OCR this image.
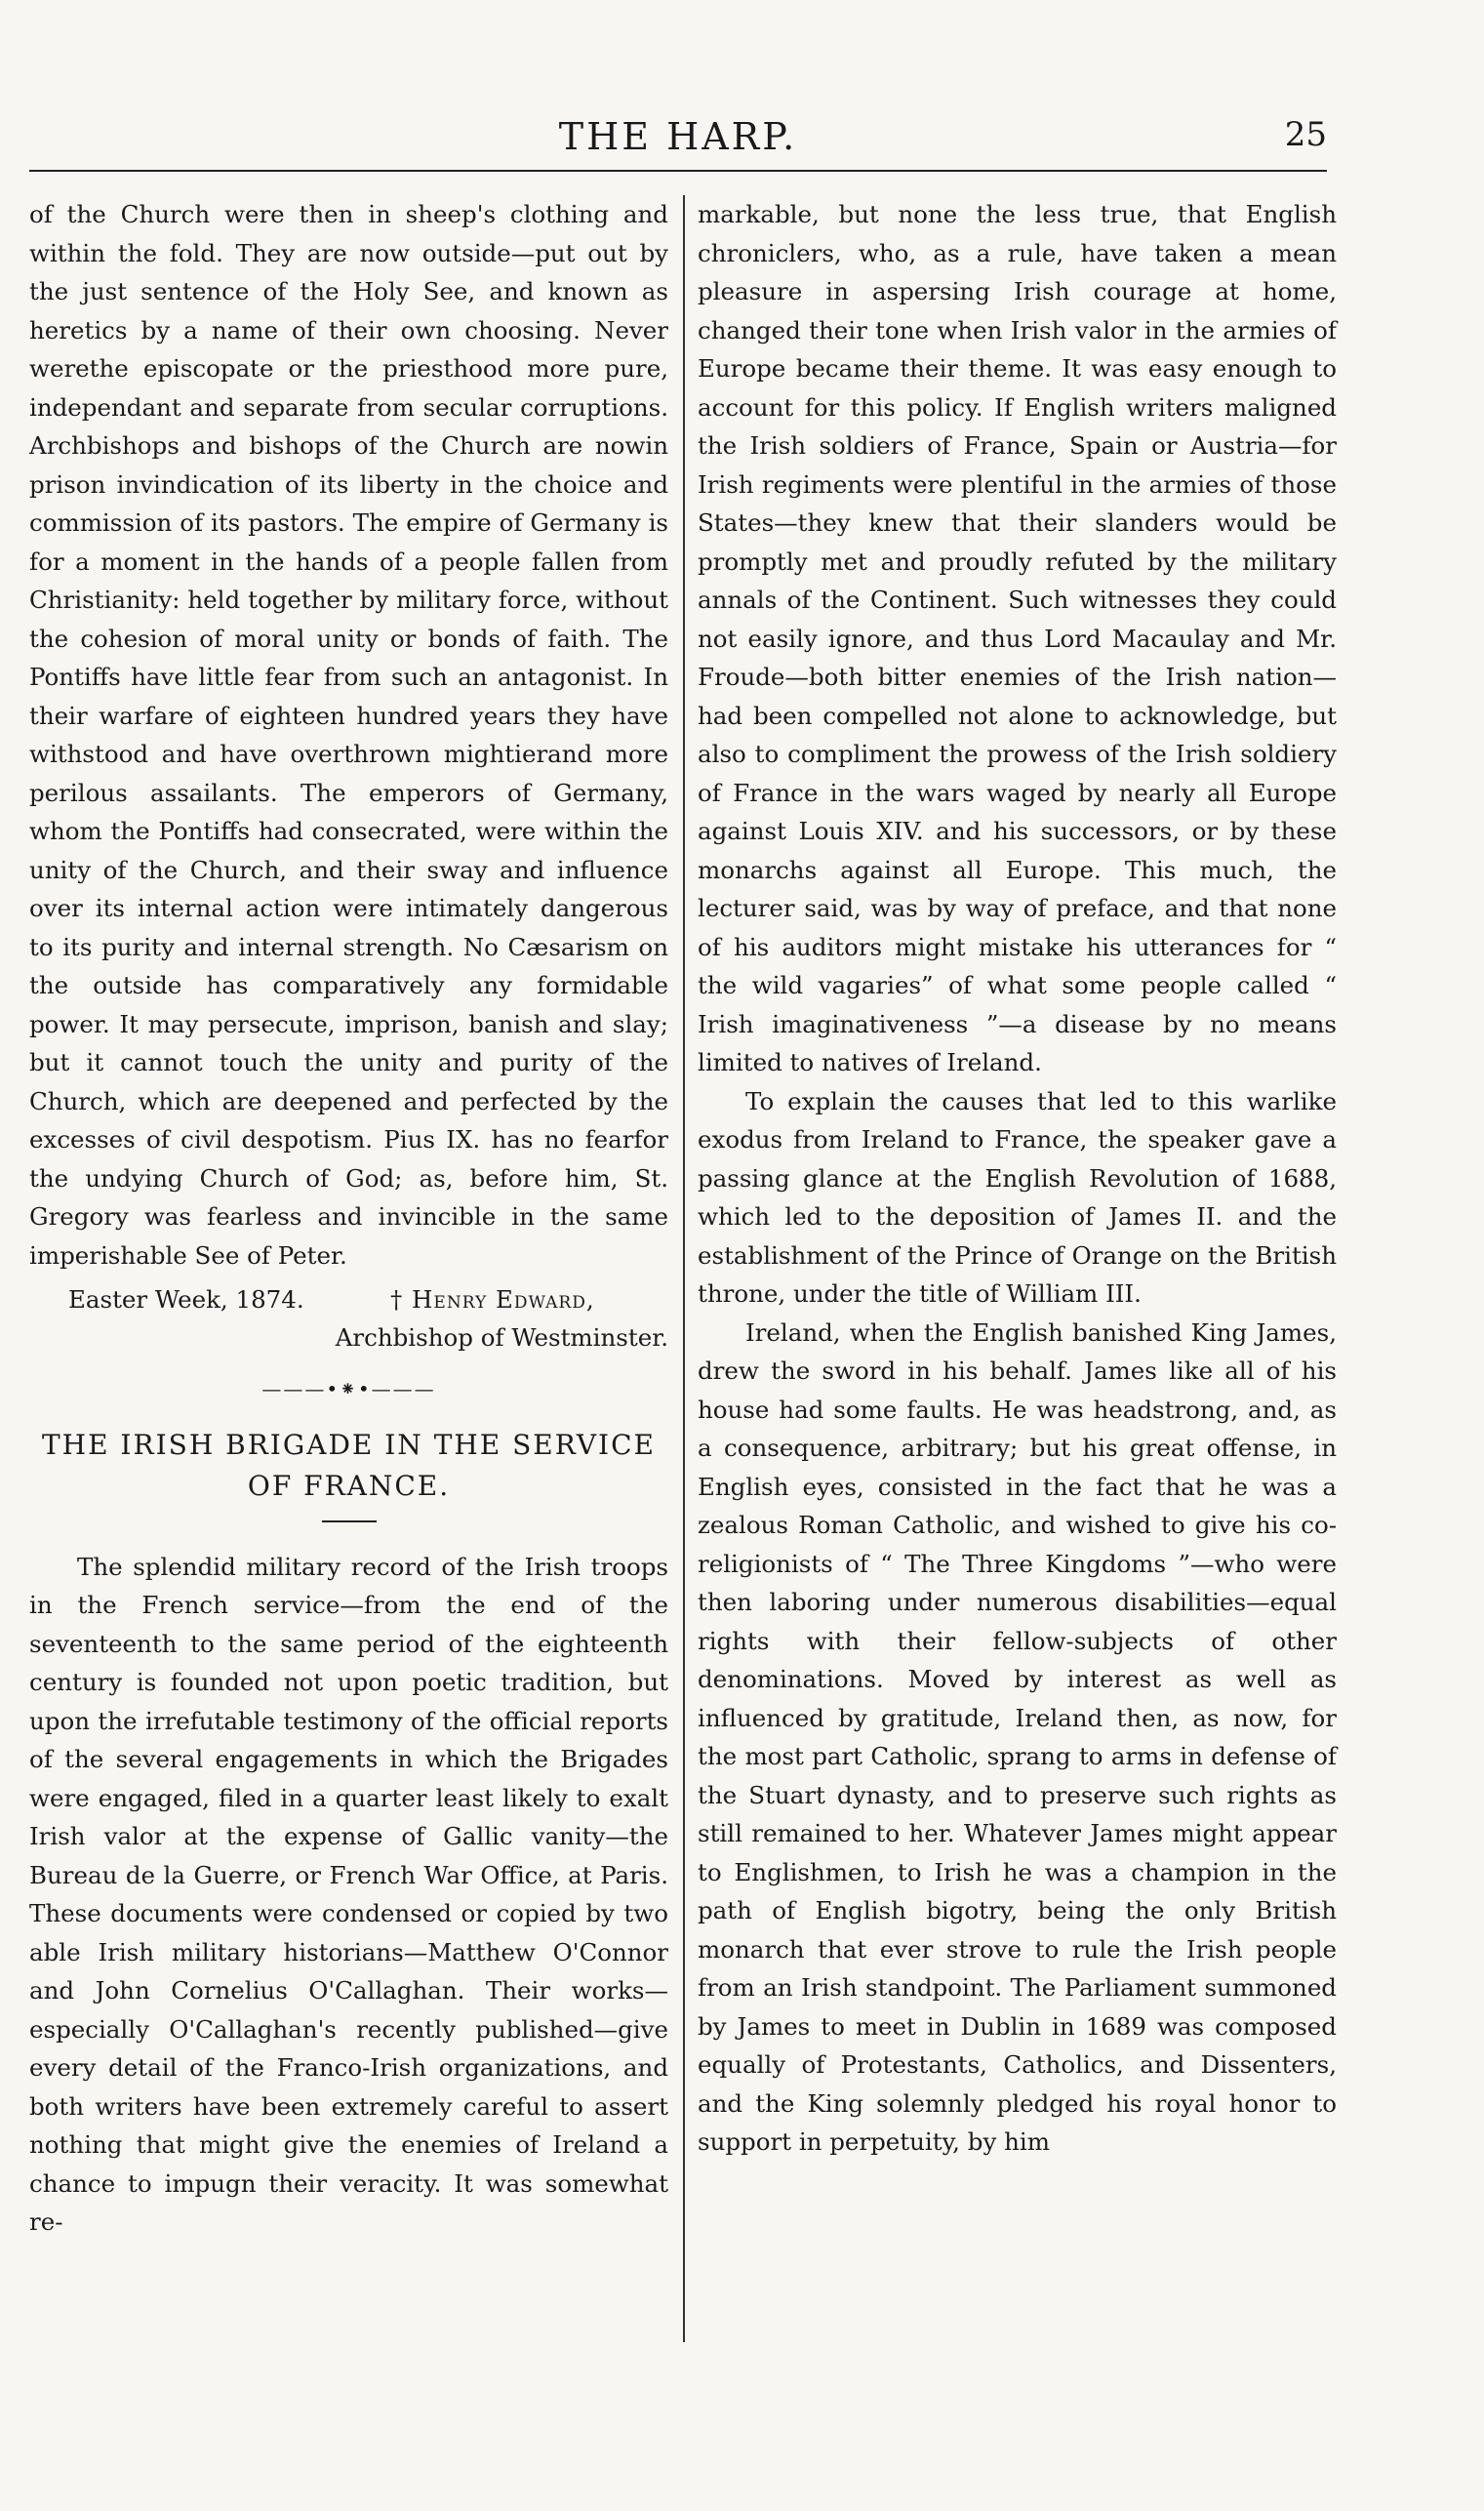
THE HARP.	25

of the Church were then in sheep's clothing and within the fold. They are now outside—put out by the just sentence of the Holy See, and known as heretics by a name of their own choosing. Never werethe episcopate or the priesthood more pure, independant and separate from secular corruptions. Archbishops and bishops of the Church are nowin prison invindication of its liberty in the choice and commission of its pastors. The empire of Germany is for a moment in the hands of a people fallen from Christianity: held together by military force, without the cohesion of moral unity or bonds of faith. The Pontiffs have little fear from such an antagonist. In their warfare of eighteen hundred years they have withstood and have overthrown mightierand more perilous assailants. The emperors of Germany, whom the Pontiffs had consecrated, were within the unity of the Church, and their sway and influence over its internal action were intimately dangerous to its purity and internal strength. No Cæsarism on the outside has comparatively any formidable power. It may persecute, imprison, banish and slay; but it cannot touch the unity and purity of the Church, which are deepened and perfected by the excesses of civil despotism. Pius IX. has no fearfor the undying Church of God; as, before him, St. Gregory was fearless and invincible in the same imperishable See of Peter.

Easter Week, 1874.	† Henry Edward,
Archbishop of Westminster.
———•⁕•———

THE IRISH BRIGADE IN THE SERVICE

OF FRANCE.

The splendid military record of the Irish troops in the French service—from the end of the seventeenth to the same period of the eighteenth century is founded not upon poetic tradition, but upon the irrefutable testimony of the official reports of the several engagements in which the Brigades were engaged, filed in a quarter least likely to exalt Irish valor at the expense of Gallic vanity—the Bureau de la Guerre, or French War Office, at Paris. These documents were condensed or copied by two able Irish military historians—Matthew O'Connor and John Cornelius O'Callaghan. Their works—especially O'Callaghan's recently published—give every detail of the Franco-Irish organizations, and both writers have been extremely careful to assert nothing that might give the enemies of Ireland a chance to impugn their veracity. It was somewhat re-

markable, but none the less true, that English chroniclers, who, as a rule, have taken a mean pleasure in aspersing Irish courage at home, changed their tone when Irish valor in the armies of Europe became their theme. It was easy enough to account for this policy. If English writers maligned the Irish soldiers of France, Spain or Austria—for Irish regiments were plentiful in the armies of those States—they knew that their slanders would be promptly met and proudly refuted by the military annals of the Continent. Such witnesses they could not easily ignore, and thus Lord Macaulay and Mr. Froude—both bitter enemies of the Irish nation—had been compelled not alone to acknowledge, but also to compliment the prowess of the Irish soldiery of France in the wars waged by nearly all Europe against Louis XIV. and his successors, or by these monarchs against all Europe. This much, the lecturer said, was by way of preface, and that none of his auditors might mistake his utterances for “ the wild vagaries” of what some people called “ Irish imaginativeness ”—a disease by no means limited to natives of Ireland.

To explain the causes that led to this warlike exodus from Ireland to France, the speaker gave a passing glance at the English Revolution of 1688, which led to the deposition of James II. and the establishment of the Prince of Orange on the British throne, under the title of William III.

Ireland, when the English banished King James, drew the sword in his behalf. James like all of his house had some faults. He was headstrong, and, as a consequence, arbitrary; but his great offense, in English eyes, consisted in the fact that he was a zealous Roman Catholic, and wished to give his co-religionists of “ The Three Kingdoms ”—who were then laboring under numerous disabilities—equal rights with their fellow-subjects of other denominations. Moved by interest as well as influenced by gratitude, Ireland then, as now, for the most part Catholic, sprang to arms in defense of the Stuart dynasty, and to preserve such rights as still remained to her. Whatever James might appear to Englishmen, to Irish he was a champion in the path of English bigotry, being the only British monarch that ever strove to rule the Irish people from an Irish standpoint. The Parliament summoned by James to meet in Dublin in 1689 was composed equally of Protestants, Catholics, and Dissenters, and the King solemnly pledged his royal honor to support in perpetuity, by him
